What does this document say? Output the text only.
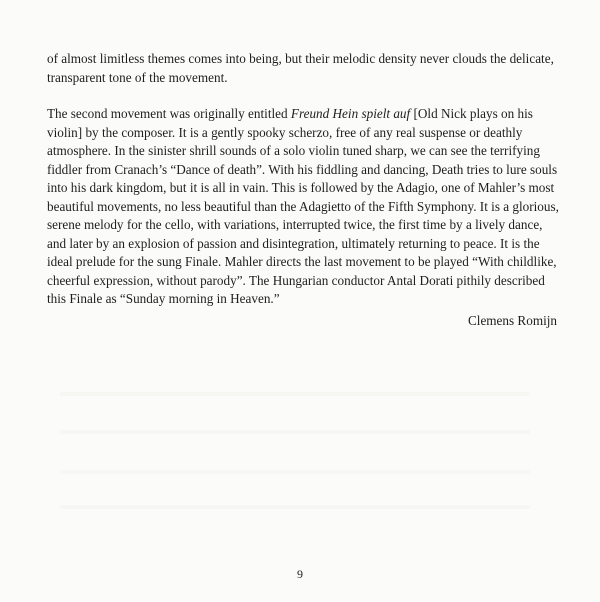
of almost limitless themes comes into being, but their melodic density never clouds the delicate, transparent tone of the movement.

The second movement was originally entitled Freund Hein spielt auf [Old Nick plays on his violin] by the composer. It is a gently spooky scherzo, free of any real suspense or deathly atmosphere. In the sinister shrill sounds of a solo violin tuned sharp, we can see the terrifying fiddler from Cranach’s “Dance of death”. With his fiddling and dancing, Death tries to lure souls into his dark kingdom, but it is all in vain. This is followed by the Adagio, one of Mahler’s most beautiful movements, no less beautiful than the Adagietto of the Fifth Symphony. It is a glorious, serene melody for the cello, with variations, interrupted twice, the first time by a lively dance, and later by an explosion of passion and disintegration, ultimately returning to peace. It is the ideal prelude for the sung Finale. Mahler directs the last movement to be played “With childlike, cheerful expression, without parody”. The Hungarian conductor Antal Dorati pithily described this Finale as “Sunday morning in Heaven.”

Clemens Romijn
9
